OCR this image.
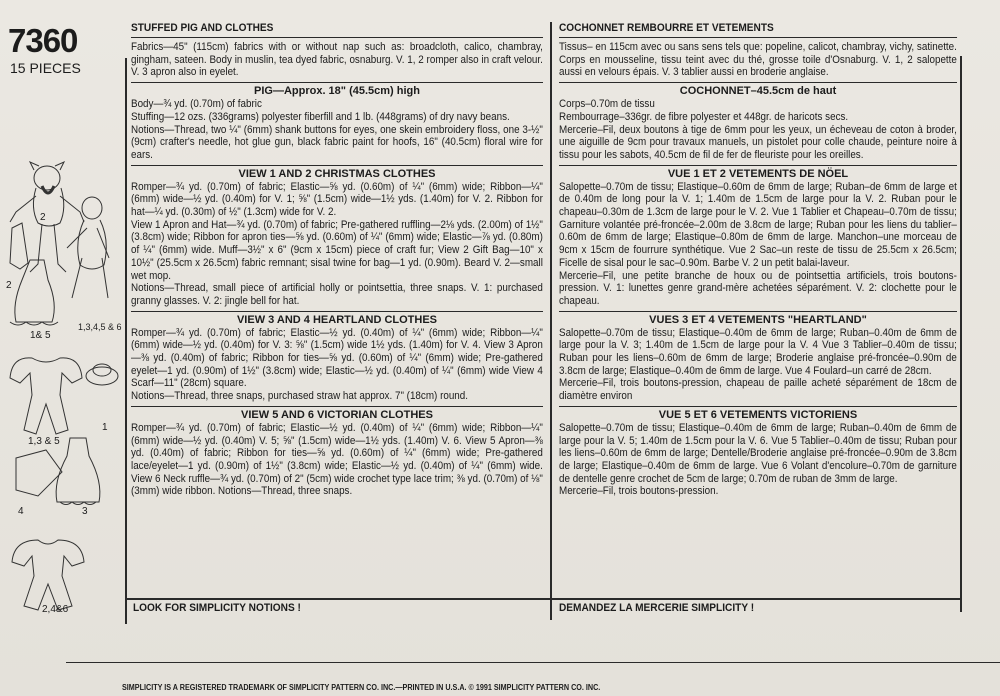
7360
15 PIECES
2
2
1,3,4,5 & 6
1& 5
1
1,3 & 5
4	3
2,4&6
STUFFED PIG AND CLOTHES

Fabrics—45" (115cm) fabrics with or without nap such as: broadcloth, calico, chambray, gingham, sateen. Body in muslin, tea dyed fabric, osnaburg. V. 1, 2 romper also in craft velour. V. 3 apron also in eyelet.

PIG—Approx. 18" (45.5cm) high

Body—¾ yd. (0.70m) of fabric
Stuffing—12 ozs. (336grams) polyester fiberfill and 1 lb. (448grams) of dry navy beans.
Notions—Thread, two ¼" (6mm) shank buttons for eyes, one skein embroidery floss, one 3-½" (9cm) crafter's needle, hot glue gun, black fabric paint for hoofs, 16" (40.5cm) floral wire for ears.

VIEW 1 AND 2 CHRISTMAS CLOTHES

Romper—¾ yd. (0.70m) of fabric; Elastic—⅝ yd. (0.60m) of ¼" (6mm) wide; Ribbon—¼" (6mm) wide—½ yd. (0.40m) for V. 1; ⅝" (1.5cm) wide—1½ yds. (1.40m) for V. 2. Ribbon for hat—¼ yd. (0.30m) of ½" (1.3cm) wide for V. 2.
View 1 Apron and Hat—¾ yd. (0.70m) of fabric; Pre-gathered ruffling—2⅛ yds. (2.00m) of 1½" (3.8cm) wide; Ribbon for apron ties—⅝ yd. (0.60m) of ¼" (6mm) wide; Elastic—⅞ yd. (0.80m) of ¼" (6mm) wide. Muff—3½" x 6" (9cm x 15cm) piece of craft fur; View 2 Gift Bag—10" x 10½" (25.5cm x 26.5cm) fabric remnant; sisal twine for bag—1 yd. (0.90m). Beard V. 2—small wet mop.
Notions—Thread, small piece of artificial holly or pointsettia, three snaps. V. 1: purchased granny glasses. V. 2: jingle bell for hat.

VIEW 3 AND 4 HEARTLAND CLOTHES

Romper—¾ yd. (0.70m) of fabric; Elastic—½ yd. (0.40m) of ¼" (6mm) wide; Ribbon—¼" (6mm) wide—½ yd. (0.40m) for V. 3: ⅝" (1.5cm) wide 1½ yds. (1.40m) for V. 4. View 3 Apron—⅜ yd. (0.40m) of fabric; Ribbon for ties—⅝ yd. (0.60m) of ¼" (6mm) wide; Pre-gathered eyelet—1 yd. (0.90m) of 1½" (3.8cm) wide; Elastic—½ yd. (0.40m) of ¼" (6mm) wide View 4 Scarf—11" (28cm) square.
Notions—Thread, three snaps, purchased straw hat approx. 7" (18cm) round.

VIEW 5 AND 6 VICTORIAN CLOTHES

Romper—¾ yd. (0.70m) of fabric; Elastic—½ yd. (0.40m) of ¼" (6mm) wide; Ribbon—¼" (6mm) wide—½ yd. (0.40m) V. 5; ⅝" (1.5cm) wide—1½ yds. (1.40m) V. 6. View 5 Apron—⅜ yd. (0.40m) of fabric; Ribbon for ties—⅝ yd. (0.60m) of ¼" (6mm) wide; Pre-gathered lace/eyelet—1 yd. (0.90m) of 1½" (3.8cm) wide; Elastic—½ yd. (0.40m) of ¼" (6mm) wide. View 6 Neck ruffle—¾ yd. (0.70m) of 2" (5cm) wide crochet type lace trim; ⅜ yd. (0.70m) of ⅛" (3mm) wide ribbon. Notions—Thread, three snaps.

LOOK FOR SIMPLICITY NOTIONS !
COCHONNET REMBOURRE ET VETEMENTS

Tissus– en 115cm avec ou sans sens tels que: popeline, calicot, chambray, vichy, satinette. Corps en mousseline, tissu teint avec du thé, grosse toile d'Osnaburg. V. 1, 2 salopette aussi en velours épais. V. 3 tablier aussi en broderie anglaise.

COCHONNET–45.5cm de haut

Corps–0.70m de tissu
Rembourrage–336gr. de fibre polyester et 448gr. de haricots secs.
Mercerie–Fil, deux boutons à tige de 6mm pour les yeux, un écheveau de coton à broder, une aiguille de 9cm pour travaux manuels, un pistolet pour colle chaude, peinture noire à tissu pour les sabots, 40.5cm de fil de fer de fleuriste pour les oreilles.

VUE 1 ET 2 VETEMENTS DE NÖEL

Salopette–0.70m de tissu; Elastique–0.60m de 6mm de large; Ruban–de 6mm de large et de 0.40m de long pour la V. 1; 1.40m de 1.5cm de large pour la V. 2. Ruban pour le chapeau–0.30m de 1.3cm de large pour le V. 2. Vue 1 Tablier et Chapeau–0.70m de tissu; Garniture volantée pré-froncée–2.00m de 3.8cm de large; Ruban pour les liens du tablier–0.60m de 6mm de large; Elastique–0.80m de 6mm de large. Manchon–une morceau de 9cm x 15cm de fourrure synthétique. Vue 2 Sac–un reste de tissu de 25.5cm x 26.5cm; Ficelle de sisal pour le sac–0.90m. Barbe V. 2 un petit balai-laveur.
Mercerie–Fil, une petite branche de houx ou de pointsettia artificiels, trois boutons-pression. V. 1: lunettes genre grand-mère achetées séparément. V. 2: clochette pour le chapeau.

VUES 3 ET 4 VETEMENTS "HEARTLAND"

Salopette–0.70m de tissu; Elastique–0.40m de 6mm de large; Ruban–0.40m de 6mm de large pour la V. 3; 1.40m de 1.5cm de large pour la V. 4 Vue 3 Tablier–0.40m de tissu; Ruban pour les liens–0.60m de 6mm de large; Broderie anglaise pré-froncée–0.90m de 3.8cm de large; Elastique–0.40m de 6mm de large. Vue 4 Foulard–un carré de 28cm.
Mercerie–Fil, trois boutons-pression, chapeau de paille acheté séparément de 18cm de diamètre environ

VUE 5 ET 6 VETEMENTS VICTORIENS

Salopette–0.70m de tissu; Elastique–0.40m de 6mm de large; Ruban–0.40m de 6mm de large pour la V. 5; 1.40m de 1.5cm pour la V. 6. Vue 5 Tablier–0.40m de tissu; Ruban pour les liens–0.60m de 6mm de large; Dentelle/Broderie anglaise pré-froncée–0.90m de 3.8cm de large; Elastique–0.40m de 6mm de large. Vue 6 Volant d'encolure–0.70m de garniture de dentelle genre crochet de 5cm de large; 0.70m de ruban de 3mm de large.
Mercerie–Fil, trois boutons-pression.

DEMANDEZ LA MERCERIE SIMPLICITY !
SIMPLICITY IS A REGISTERED TRADEMARK OF SIMPLICITY PATTERN CO. INC.—PRINTED IN U.S.A. © 1991 SIMPLICITY PATTERN CO. INC.
